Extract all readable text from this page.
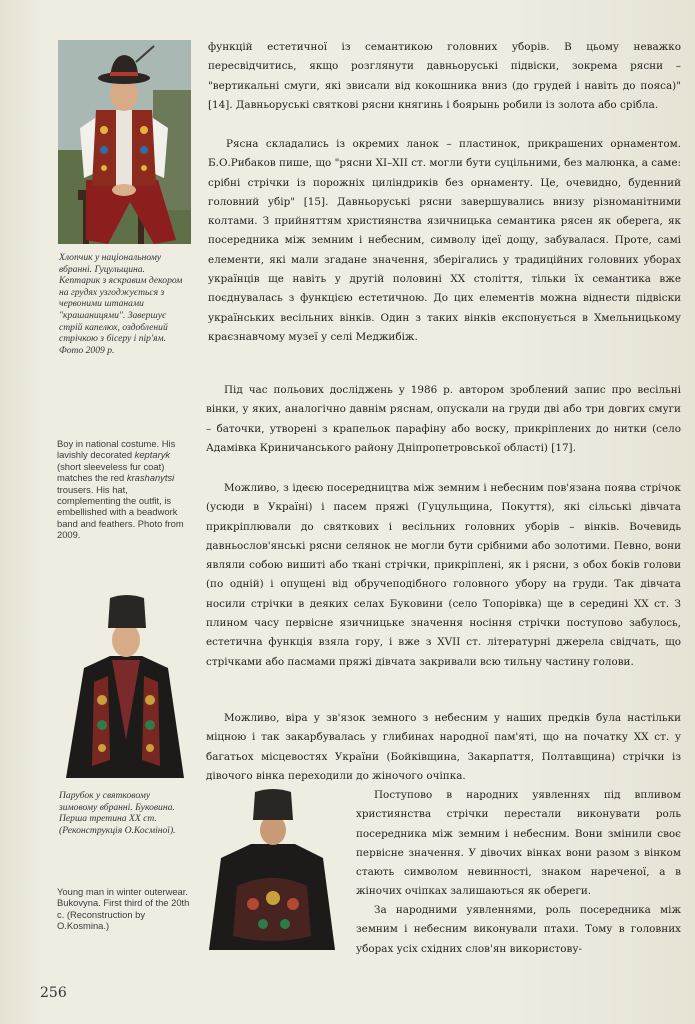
Хлопчик у національному вбранні. Гуцульщина. Кептарик з яскравим декором на грудях узгоджується з червоними штанами "крашаницями". Завершує стрій капелюх, оздоблений стрічкою з бісеру і пір'ям. Фото 2009 р.
Boy in national costume. His lavishly decorated keptaryk (short sleeveless fur coat) matches the red krashanytsi trousers. His hat, complementing the outfit, is embellished with a beadwork band and feathers. Photo from 2009.
Парубок у святковому зимовому вбранні. Буковина. Перша третина XX ст. (Реконструкція О.Космiної).
Young man in winter outerwear. Bukovyna. First third of the 20th c. (Reconstruction by O.Kosmina.)

функцій естетичної із семантикою головних уборів. В цьому неважко пересвідчитись, якщо розглянути давньоруські підвіски, зокрема рясни – "вертикальні смуги, які звисали від кокошника вниз (до грудей і навіть до пояса)" [14]. Давньоруські святкові рясни княгинь і боярынь робили із золота або срібла.

Рясна складались із окремих ланок – пластинок, прикрашених орнаментом. Б.О.Рибаков пише, що "рясни XI–XII ст. могли бути суцільними, без малюнка, а саме: срібні стрічки із порожніх циліндриків без орнаменту. Це, очевидно, буденний головний убір" [15]. Давньоруські рясни завершувались внизу різноманітними колтами. З прийняттям християнства язичницька семантика рясен як оберега, як посередника між земним і небесним, символу ідеї дощу, забувалася. Проте, самі елементи, які мали згадане значення, зберігались у традиційних головних уборах українців ще навіть у другій половині XX століття, тільки їх семантика вже поєднувалась з функцією естетичною. До цих елементів можна віднести підвіски українських весільних вінків. Один з таких вінків експонується в Хмельницькому краєзнавчому музеї у селі Меджибіж.

Під час польових досліджень у 1986 р. автором зроблений запис про весільні вінки, у яких, аналогічно давнім ряснам, опускали на груди дві або три довгих смуги – баточки, утворені з крапельок парафіну або воску, прикріплених до нитки (село Адамівка Криничанського району Дніпропетровської області) [17].

Можливо, з ідеєю посередництва між земним і небесним пов'язана поява стрічок (усюди в Україні) і пасем пряжі (Гуцульщина, Покуття), які сільські дівчата прикріплювали до святкових і весільних головних уборів – вінків. Вочевидь давньослов'янські рясни селянок не могли бути срібними або золотими. Певно, вони являли собою вишиті або ткані стрічки, прикріплені, як і рясни, з обох боків голови (по одній) і опущені від обручеподібного головного убору на груди. Так дівчата носили стрічки в деяких селах Буковини (село Топорівка) ще в середині XX ст. З плином часу первісне язичницьке значення носіння стрічки поступово забулось, естетична функція взяла гору, і вже з XVII ст. літературні джерела свідчать, що стрічками або пасмами пряжі дівчата закривали всю тильну частину голови.

Можливо, віра у зв'язок земного з небесним у наших предків була настільки міцною і так закарбувалась у глибинах народної пам'яті, що на початку XX ст. у багатьох місцевостях України (Бойківщина, Закарпаття, Полтавщина) стрічки із дівочого вінка переходили до жіночого очіпка.

Поступово в народних уявленнях під впливом християнства стрічки перестали виконувати роль посередника між земним і небесним. Вони змінили своє первісне значення. У дівочих вінках вони разом з вінком стають символом невинності, знаком нареченої, а в жіночих очіпках залишаються як обереги.

За народними уявленнями, роль посередника між земним і небесним виконували птахи. Тому в головних уборах усіх східних слов'ян використову-

256
